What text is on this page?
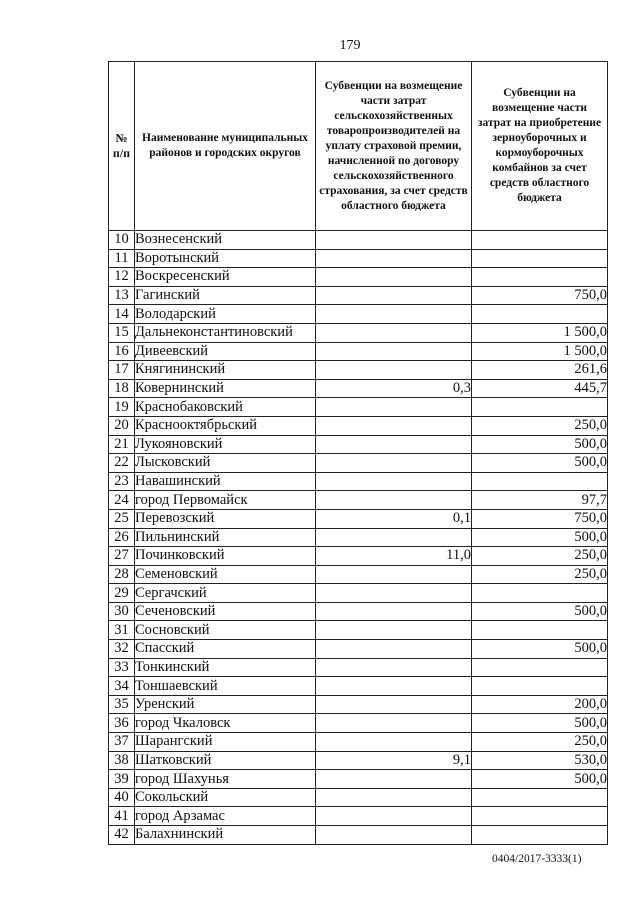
179
№ п/п	Наименование муниципальных районов и городских округов	Субвенции на возмещение части затрат сельскохозяйственных товаропроизводителей на уплату страховой премии, начисленной по договору сельскохозяйственного страхования, за счет средств областного бюджета	Субвенции на возмещение части затрат на приобретение зерноуборочных и кормоуборочных комбайнов за счет средств областного бюджета
10	Вознесенский		
11	Воротынский		
12	Воскресенский		
13	Гагинский		750,0
14	Володарский		
15	Дальнеконстантиновский		1 500,0
16	Дивеевский		1 500,0
17	Княгининский		261,6
18	Ковернинский	0,3	445,7
19	Краснобаковский		
20	Краснооктябрьский		250,0
21	Лукояновский		500,0
22	Лысковский		500,0
23	Навашинский		
24	город Первомайск		97,7
25	Перевозский	0,1	750,0
26	Пильнинский		500,0
27	Починковский	11,0	250,0
28	Семеновский		250,0
29	Сергачский		
30	Сеченовский		500,0
31	Сосновский		
32	Спасский		500,0
33	Тонкинский		
34	Тоншаевский		
35	Уренский		200,0
36	город Чкаловск		500,0
37	Шарангский		250,0
38	Шатковский	9,1	530,0
39	город Шахунья		500,0
40	Сокольский		
41	город Арзамас		
42	Балахнинский		
0404/2017-3333(1)
